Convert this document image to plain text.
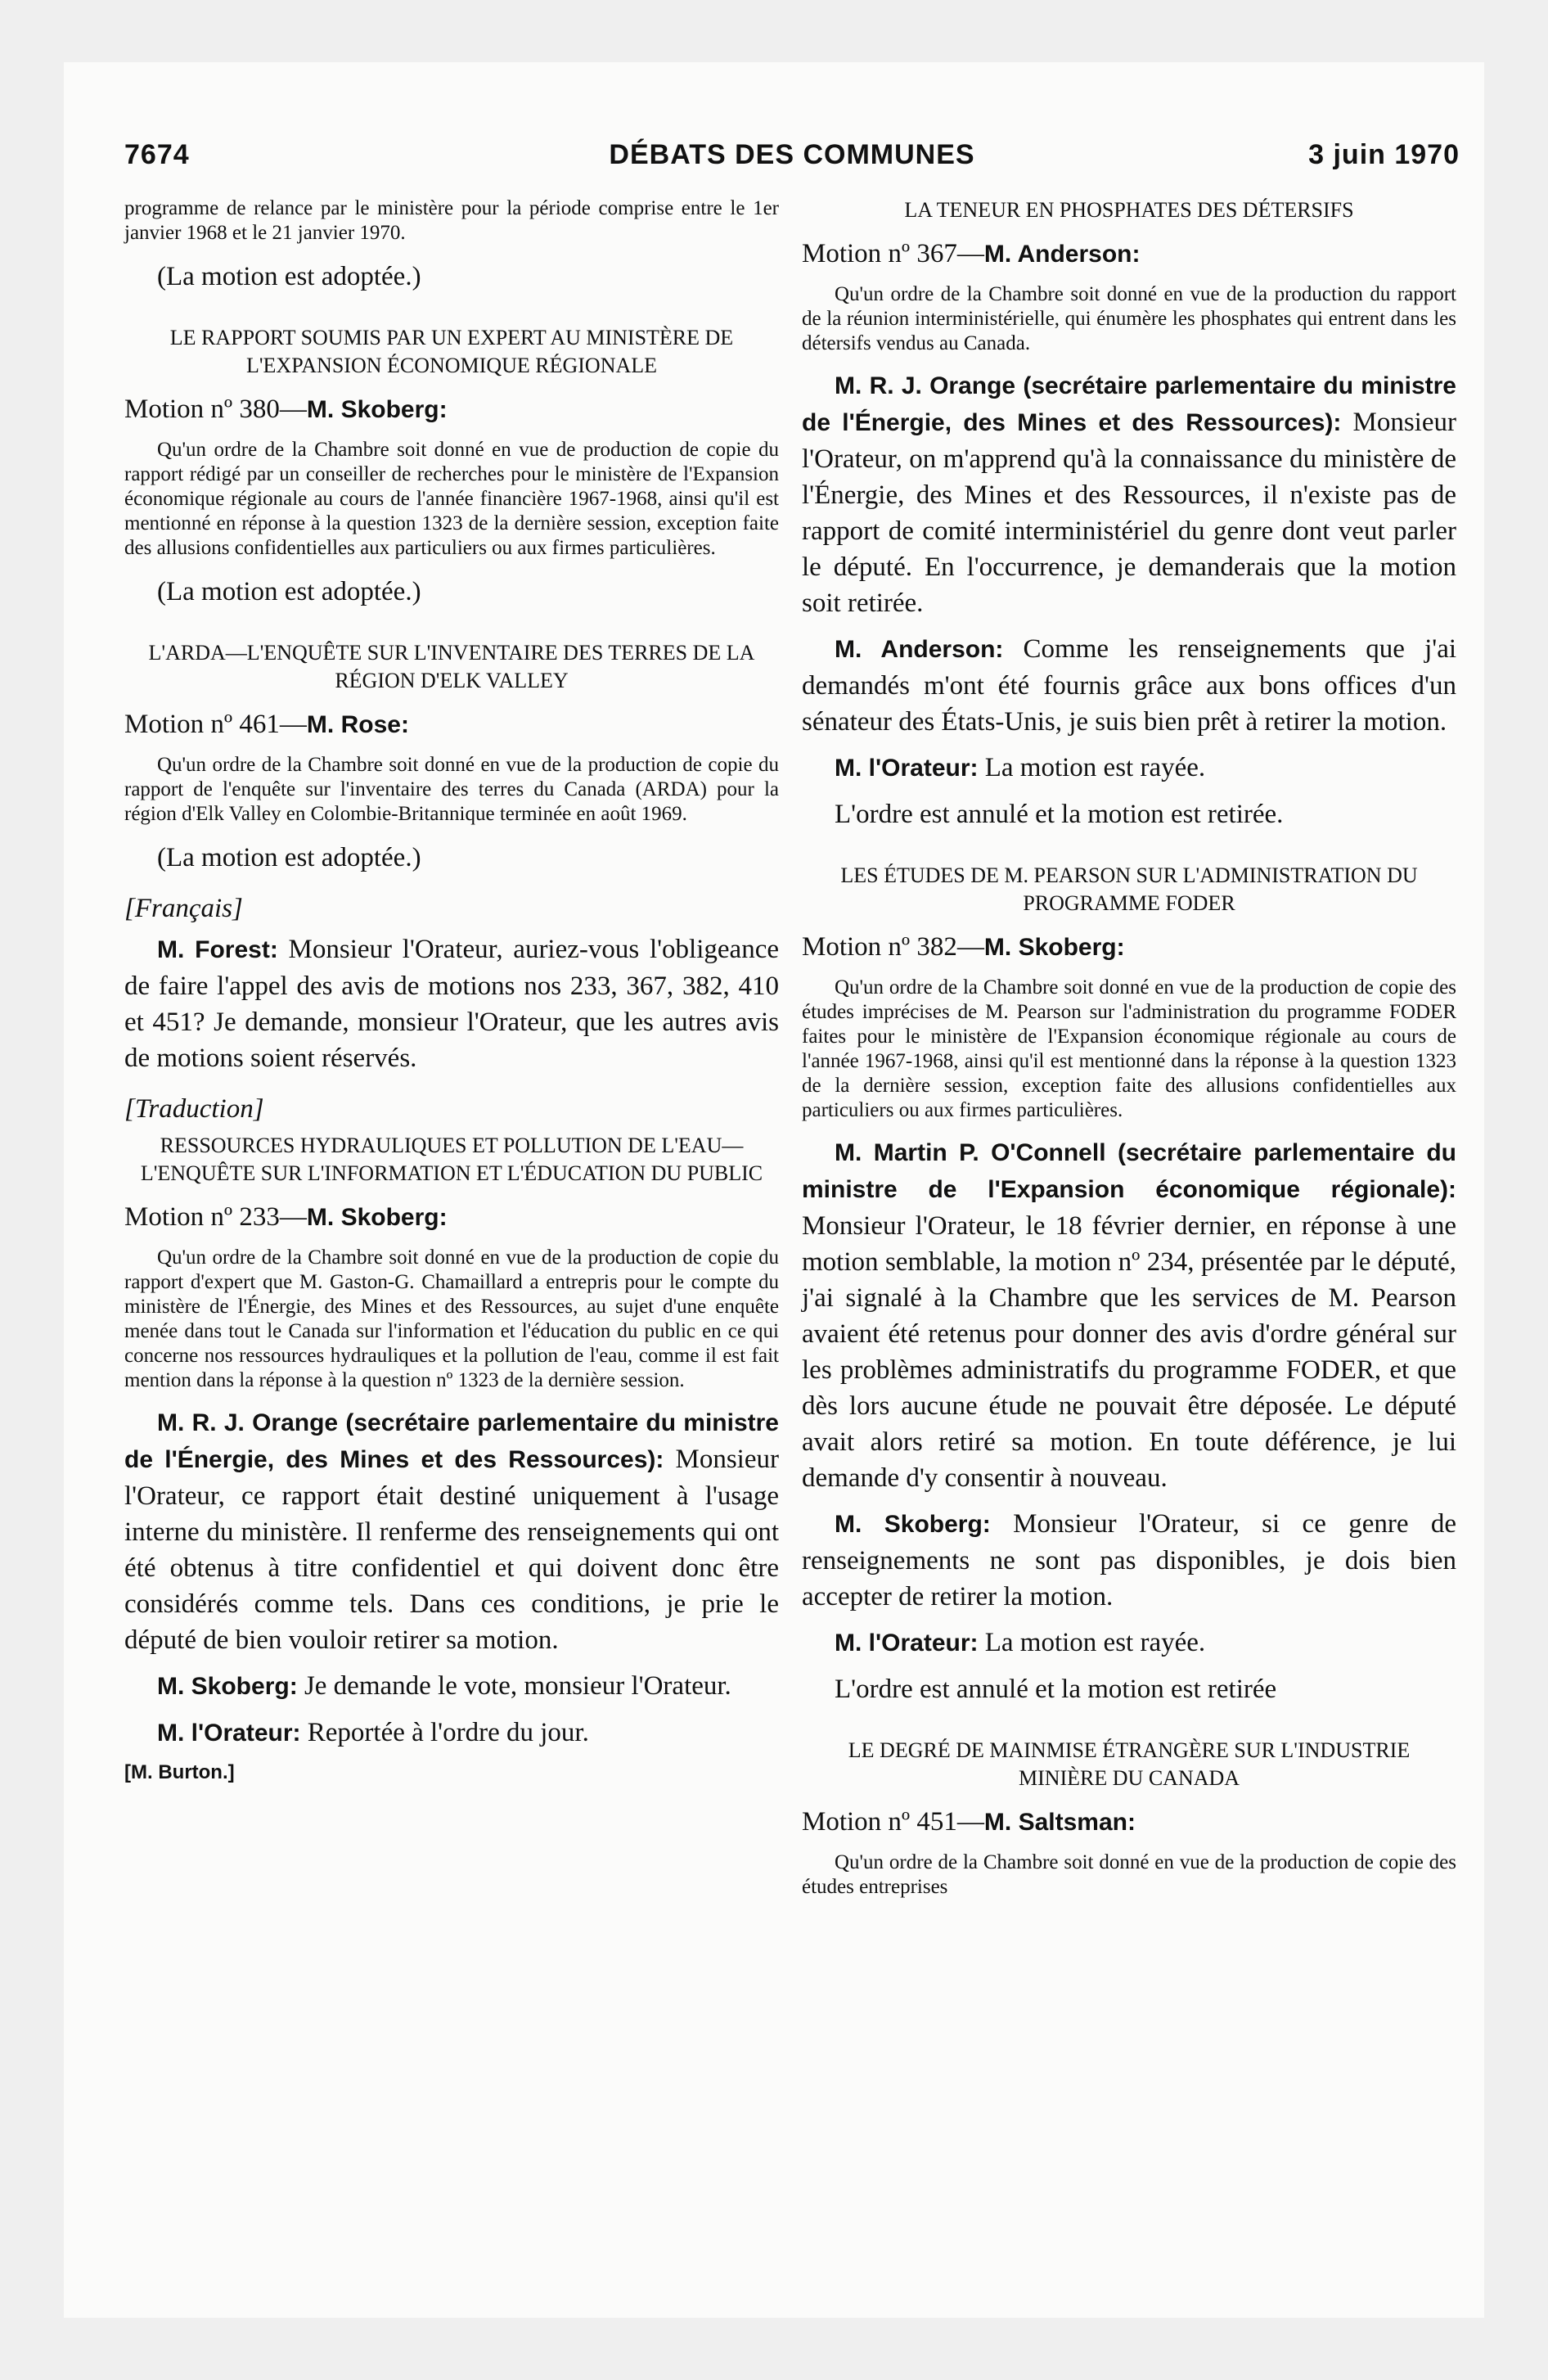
7674	DÉBATS DES COMMUNES	3 juin 1970

programme de relance par le ministère pour la période comprise entre le 1er janvier 1968 et le 21 janvier 1970.

(La motion est adoptée.)

LE RAPPORT SOUMIS PAR UN EXPERT AU MINISTÈRE DE L'EXPANSION ÉCONOMIQUE RÉGIONALE

Motion nº 380—M. Skoberg:

Qu'un ordre de la Chambre soit donné en vue de production de copie du rapport rédigé par un conseiller de recherches pour le ministère de l'Expansion économique régionale au cours de l'année financière 1967-1968, ainsi qu'il est mentionné en réponse à la question 1323 de la dernière session, exception faite des allusions confidentielles aux particuliers ou aux firmes particulières.

(La motion est adoptée.)

L'ARDA—L'ENQUÊTE SUR L'INVENTAIRE DES TERRES DE LA RÉGION D'ELK VALLEY

Motion nº 461—M. Rose:

Qu'un ordre de la Chambre soit donné en vue de la production de copie du rapport de l'enquête sur l'inventaire des terres du Canada (ARDA) pour la région d'Elk Valley en Colombie-Britannique terminée en août 1969.

(La motion est adoptée.)

[Français]

M. Forest: Monsieur l'Orateur, auriez-vous l'obligeance de faire l'appel des avis de motions nos 233, 367, 382, 410 et 451? Je demande, monsieur l'Orateur, que les autres avis de motions soient réservés.

[Traduction]

RESSOURCES HYDRAULIQUES ET POLLUTION DE L'EAU—L'ENQUÊTE SUR L'INFORMATION ET L'ÉDUCATION DU PUBLIC

Motion nº 233—M. Skoberg:

Qu'un ordre de la Chambre soit donné en vue de la production de copie du rapport d'expert que M. Gaston-G. Chamaillard a entrepris pour le compte du ministère de l'Énergie, des Mines et des Ressources, au sujet d'une enquête menée dans tout le Canada sur l'information et l'éducation du public en ce qui concerne nos ressources hydrauliques et la pollution de l'eau, comme il est fait mention dans la réponse à la question nº 1323 de la dernière session.

M. R. J. Orange (secrétaire parlementaire du ministre de l'Énergie, des Mines et des Ressources): Monsieur l'Orateur, ce rapport était destiné uniquement à l'usage interne du ministère. Il renferme des renseignements qui ont été obtenus à titre confidentiel et qui doivent donc être considérés comme tels. Dans ces conditions, je prie le député de bien vouloir retirer sa motion.

M. Skoberg: Je demande le vote, monsieur l'Orateur.

M. l'Orateur: Reportée à l'ordre du jour.

[M. Burton.]

LA TENEUR EN PHOSPHATES DES DÉTERSIFS

Motion nº 367—M. Anderson:

Qu'un ordre de la Chambre soit donné en vue de la production du rapport de la réunion interministérielle, qui énumère les phosphates qui entrent dans les détersifs vendus au Canada.

M. R. J. Orange (secrétaire parlementaire du ministre de l'Énergie, des Mines et des Ressources): Monsieur l'Orateur, on m'apprend qu'à la connaissance du ministère de l'Énergie, des Mines et des Ressources, il n'existe pas de rapport de comité interministériel du genre dont veut parler le député. En l'occurrence, je demanderais que la motion soit retirée.

M. Anderson: Comme les renseignements que j'ai demandés m'ont été fournis grâce aux bons offices d'un sénateur des États-Unis, je suis bien prêt à retirer la motion.

M. l'Orateur: La motion est rayée.

L'ordre est annulé et la motion est retirée.

LES ÉTUDES DE M. PEARSON SUR L'ADMINISTRATION DU PROGRAMME FODER

Motion nº 382—M. Skoberg:

Qu'un ordre de la Chambre soit donné en vue de la production de copie des études imprécises de M. Pearson sur l'administration du programme FODER faites pour le ministère de l'Expansion économique régionale au cours de l'année 1967-1968, ainsi qu'il est mentionné dans la réponse à la question 1323 de la dernière session, exception faite des allusions confidentielles aux particuliers ou aux firmes particulières.

M. Martin P. O'Connell (secrétaire parlementaire du ministre de l'Expansion économique régionale): Monsieur l'Orateur, le 18 février dernier, en réponse à une motion semblable, la motion nº 234, présentée par le député, j'ai signalé à la Chambre que les services de M. Pearson avaient été retenus pour donner des avis d'ordre général sur les problèmes administratifs du programme FODER, et que dès lors aucune étude ne pouvait être déposée. Le député avait alors retiré sa motion. En toute déférence, je lui demande d'y consentir à nouveau.

M. Skoberg: Monsieur l'Orateur, si ce genre de renseignements ne sont pas disponibles, je dois bien accepter de retirer la motion.

M. l'Orateur: La motion est rayée.

L'ordre est annulé et la motion est retirée

LE DEGRÉ DE MAINMISE ÉTRANGÈRE SUR L'INDUSTRIE MINIÈRE DU CANADA

Motion nº 451—M. Saltsman:

Qu'un ordre de la Chambre soit donné en vue de la production de copie des études entreprises
